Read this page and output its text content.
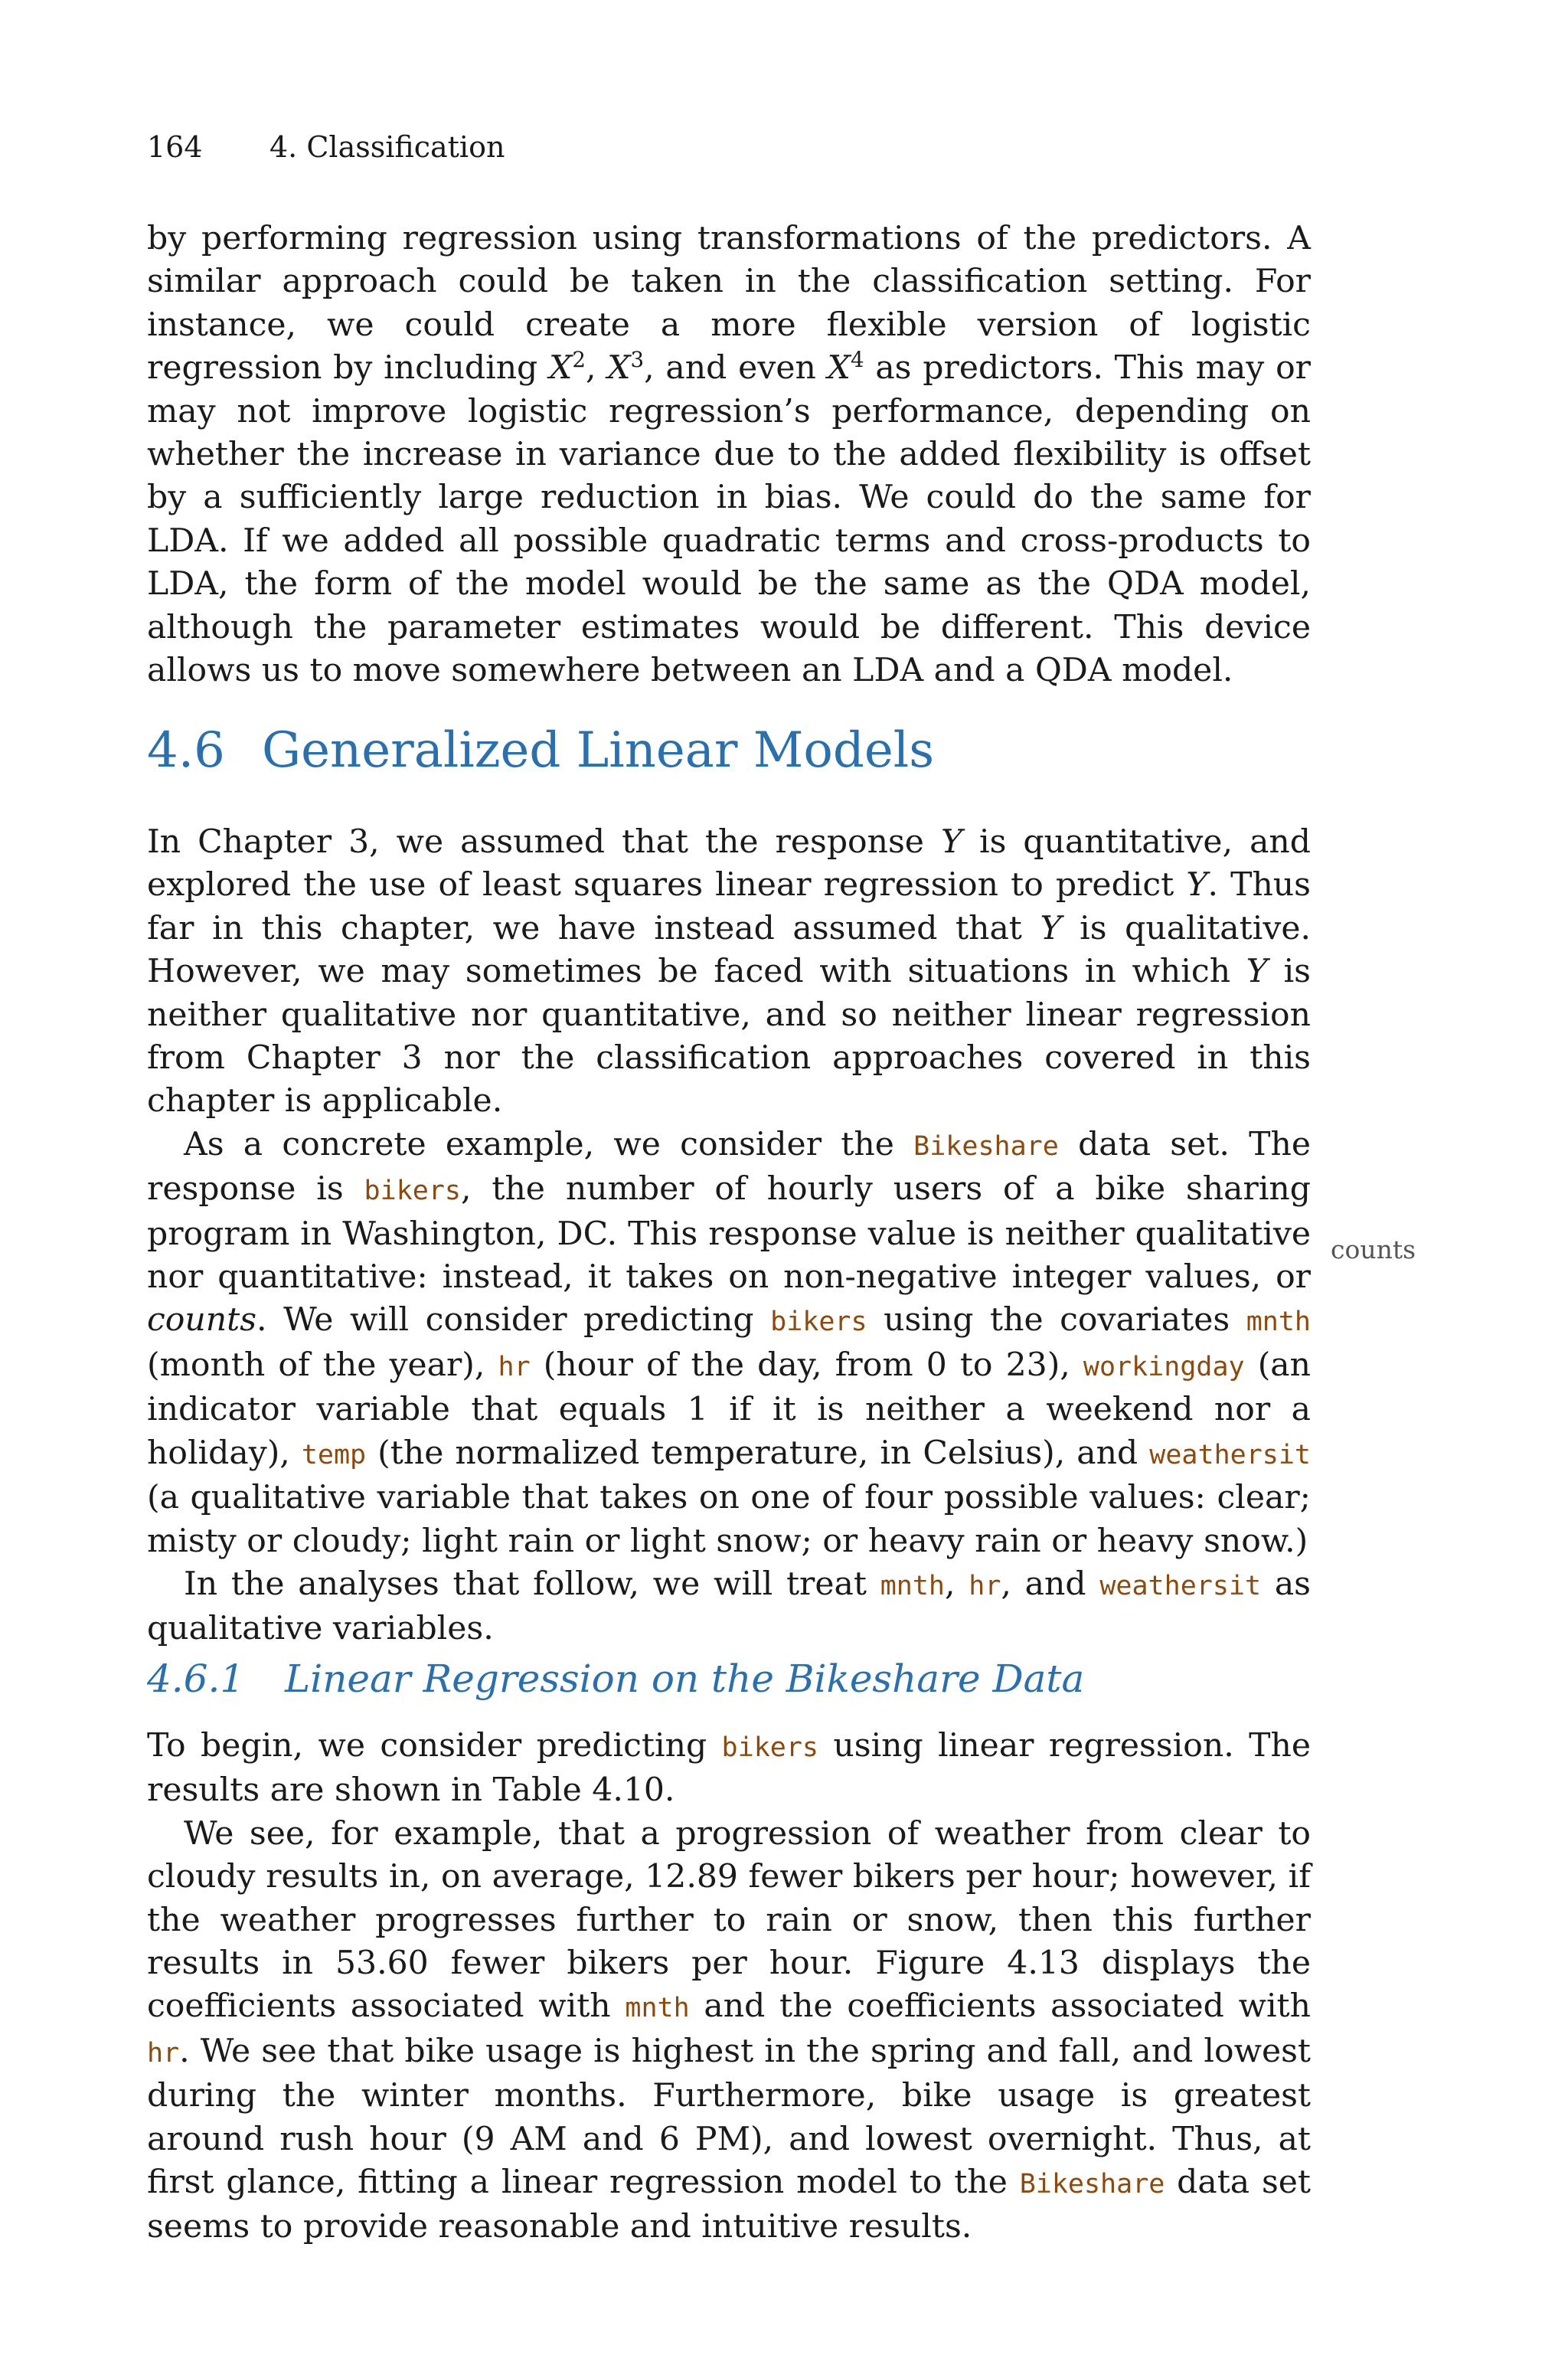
164 4. Classification

by performing regression using transformations of the predictors. A similar approach could be taken in the classification setting. For instance, we could create a more flexible version of logistic regression by including $X^2$, $X^3$, and even $X^4$ as predictors. This may or may not improve logistic regression’s performance, depending on whether the increase in variance due to the added flexibility is offset by a sufficiently large reduction in bias. We could do the same for LDA. If we added all possible quadratic terms and cross-products to LDA, the form of the model would be the same as the QDA model, although the parameter estimates would be different. This device allows us to move somewhere between an LDA and a QDA model.

4.6 Generalized Linear Models

In Chapter 3, we assumed that the response Y is quantitative, and explored the use of least squares linear regression to predict Y. Thus far in this chapter, we have instead assumed that Y is qualitative. However, we may sometimes be faced with situations in which Y is neither qualitative nor quantitative, and so neither linear regression from Chapter 3 nor the classification approaches covered in this chapter is applicable.

As a concrete example, we consider the Bikeshare data set. The response is bikers, the number of hourly users of a bike sharing program in Washington, DC. This response value is neither qualitative nor quantitative: instead, it takes on non-negative integer values, or counts. We will consider predicting bikers using the covariates mnth (month of the year), hr (hour of the day, from 0 to 23), workingday (an indicator variable that equals 1 if it is neither a weekend nor a holiday), temp (the normalized temperature, in Celsius), and weathersit (a qualitative variable that takes on one of four possible values: clear; misty or cloudy; light rain or light snow; or heavy rain or heavy snow.)

In the analyses that follow, we will treat mnth, hr, and weathersit as qualitative variables.

counts
4.6.1 Linear Regression on the Bikeshare Data

To begin, we consider predicting bikers using linear regression. The results are shown in Table 4.10.

We see, for example, that a progression of weather from clear to cloudy results in, on average, 12.89 fewer bikers per hour; however, if the weather progresses further to rain or snow, then this further results in 53.60 fewer bikers per hour. Figure 4.13 displays the coefficients associated with mnth and the coefficients associated with hr. We see that bike usage is highest in the spring and fall, and lowest during the winter months. Furthermore, bike usage is greatest around rush hour (9 AM and 6 PM), and lowest overnight. Thus, at first glance, fitting a linear regression model to the Bikeshare data set seems to provide reasonable and intuitive results.
